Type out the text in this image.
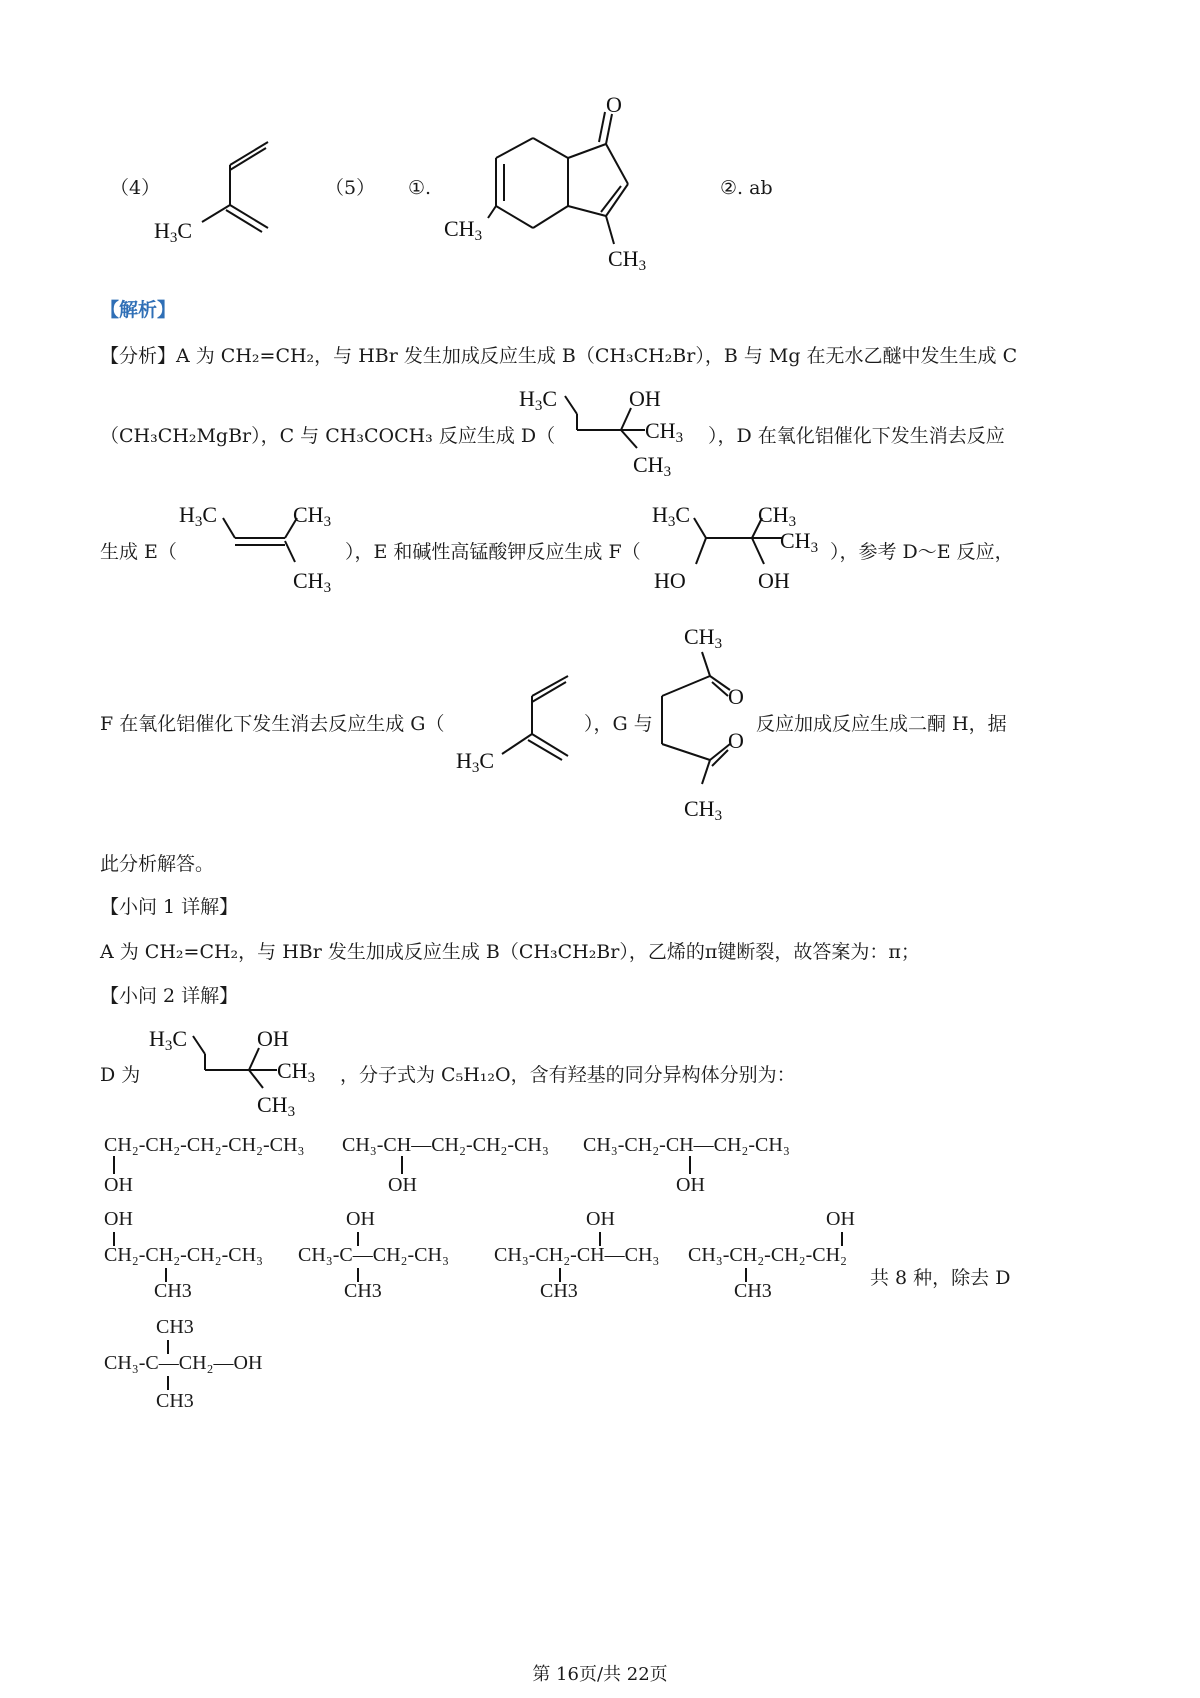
（4）
H3C
（5） ①.
O
CH3
CH3
②. ab
【解析】
【分析】A 为 CH₂=CH₂，与 HBr 发生加成反应生成 B（CH₃CH₂Br），B 与 Mg 在无水乙醚中发生生成 C
（CH₃CH₂MgBr），C 与 CH₃COCH₃ 反应生成 D（
H3C	OH
CH3
CH3
），D 在氧化铝催化下发生消去反应
生成 E（
H3C	CH3
CH3
），E 和碱性高锰酸钾反应生成 F（
H3C
HO
CH3
CH3
OH
），参考 D～E 反应，
F 在氧化铝催化下发生消去反应生成 G（
H3C
），G 与
CH3
O
O
CH3
反应加成反应生成二酮 H，据
此分析解答。
【小问 1 详解】
A 为 CH₂=CH₂，与 HBr 发生加成反应生成 B（CH₃CH₂Br），乙烯的π键断裂，故答案为：π；
【小问 2 详解】
D 为
H3C	OH
CH3
CH3
，分子式为 C₅H₁₂O，含有羟基的同分异构体分别为：
CH₂-CH₂-CH₂-CH₂-CH₃
OH
CH₃-CH—CH₂-CH₂-CH₃
OH
CH₃-CH₂-CH—CH₂-CH₃
OH
OH
CH₂-CH₂-CH₂-CH₃
CH3
OH
CH₃-C—CH₂-CH₃
CH3
OH
CH₃-CH₂-CH—CH₃
CH3
OH
CH₃-CH₂-CH₂-CH₂
CH3
共 8 种，除去 D
CH3
CH₃-C—CH₂—OH
CH3
第 16页/共 22页
